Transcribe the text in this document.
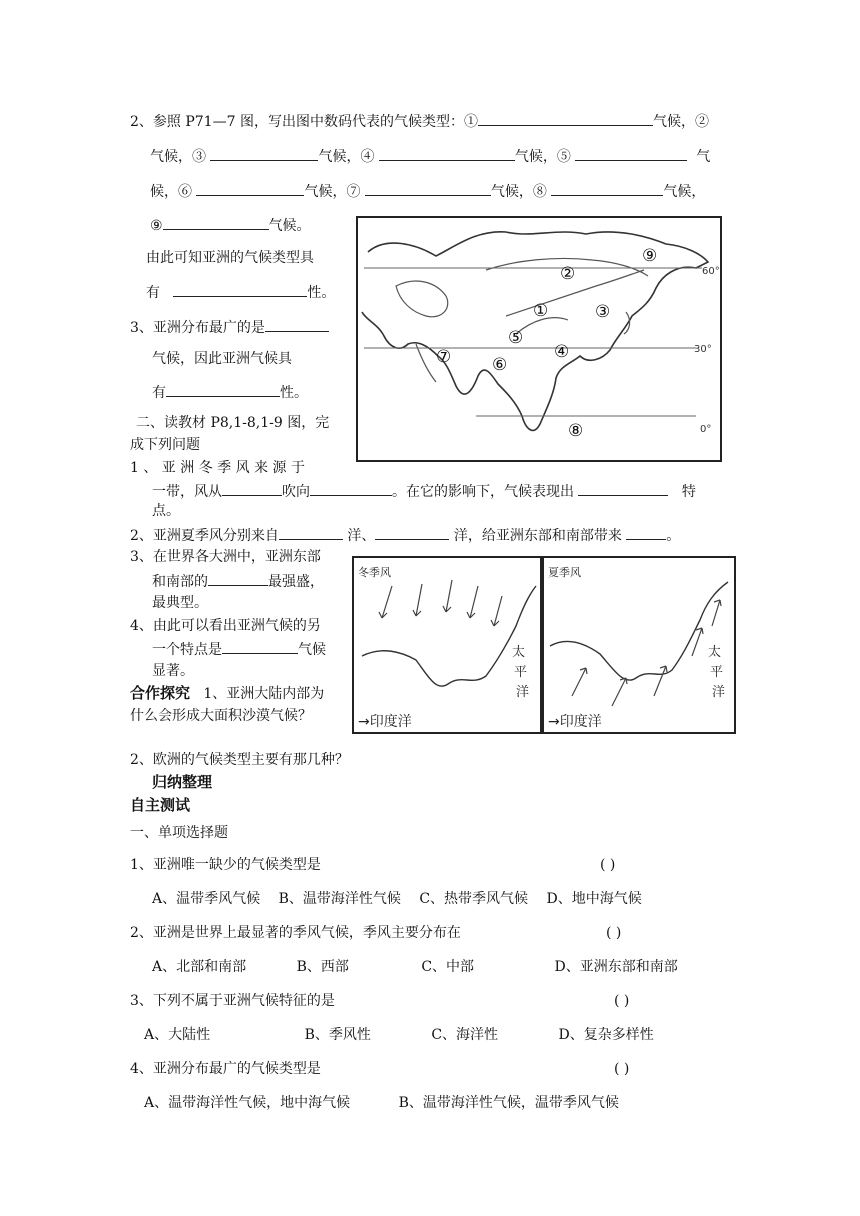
2、参照 P71—7 图，写出图中数码代表的气候类型：①	气候，②
气候，③	气候，④	气候，⑤	气
候，⑥	气候，⑦	气候，⑧	气候，
⑨	气候。
由此可知亚洲的气候类型具
有	性。
3、亚洲分布最广的是
气候，因此亚洲气候具
有	性。
二、读教材 P8,1-8,1-9 图，完
成下列问题
1 、 亚 洲 冬 季 风 来 源 于
一带，风从	吹向	。在它的影响下，气候表现出	特
点。
2、亚洲夏季风分别来自	洋、	洋，给亚洲东部和南部带来	。
3、在世界各大洲中，亚洲东部
和南部的	最强盛，
最典型。
4、由此可以看出亚洲气候的另
一个特点是	气候
显著。
合作探究 1、亚洲大陆内部为
什么会形成大面积沙漠气候？
2、欧洲的气候类型主要有那几种？
归纳整理
自主测试
一、单项选择题
1、亚洲唯一缺少的气候类型是	( )
A、温带季风气候 B、温带海洋性气候 C、热带季风气候 D、地中海气候
2、亚洲是世界上最显著的季风气候，季风主要分布在	( )
A、北部和南部	B、西部	C、中部	D、亚洲东部和南部
3、下列不属于亚洲气候特征的是	( )
A、大陆性	B、季风性	C、海洋性	D、复杂多样性
4、亚洲分布最广的气候类型是	( )
A、温带海洋性气候，地中海气候	B、温带海洋性气候，温带季风气候
60°
30°
0°
①
②
③
④
⑤
⑥
⑦
⑧
⑨
冬季风
太
平
洋
→印度洋
夏季风
太
平
洋
→印度洋
